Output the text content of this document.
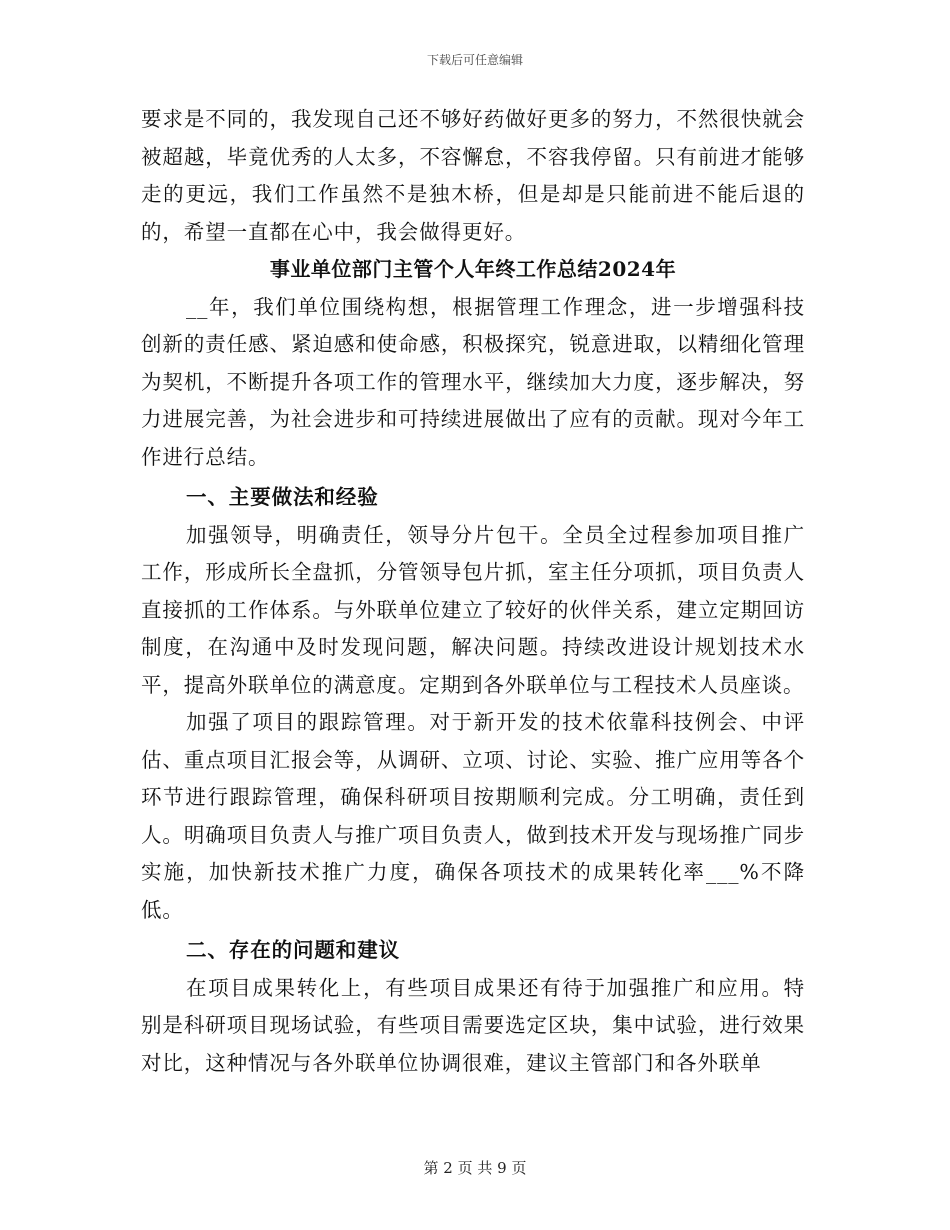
下载后可任意编辑

要求是不同的，我发现自己还不够好药做好更多的努力，不然很快就会被超越，毕竟优秀的人太多，不容懈怠，不容我停留。只有前进才能够走的更远，我们工作虽然不是独木桥，但是却是只能前进不能后退的的，希望一直都在心中，我会做得更好。

事业单位部门主管个人年终工作总结2024年

__年，我们单位围绕构想，根据管理工作理念，进一步增强科技创新的责任感、紧迫感和使命感，积极探究，锐意进取，以精细化管理为契机，不断提升各项工作的管理水平，继续加大力度，逐步解决，努力进展完善，为社会进步和可持续进展做出了应有的贡献。现对今年工作进行总结。

一、主要做法和经验

加强领导，明确责任，领导分片包干。全员全过程参加项目推广工作，形成所长全盘抓，分管领导包片抓，室主任分项抓，项目负责人直接抓的工作体系。与外联单位建立了较好的伙伴关系，建立定期回访制度，在沟通中及时发现问题，解决问题。持续改进设计规划技术水平，提高外联单位的满意度。定期到各外联单位与工程技术人员座谈。

加强了项目的跟踪管理。对于新开发的技术依靠科技例会、中评估、重点项目汇报会等，从调研、立项、讨论、实验、推广应用等各个环节进行跟踪管理，确保科研项目按期顺利完成。分工明确，责任到人。明确项目负责人与推广项目负责人，做到技术开发与现场推广同步实施，加快新技术推广力度，确保各项技术的成果转化率___%不降低。

二、存在的问题和建议

在项目成果转化上，有些项目成果还有待于加强推广和应用。特别是科研项目现场试验，有些项目需要选定区块，集中试验，进行效果对比，这种情况与各外联单位协调很难，建议主管部门和各外联单

第 2 页 共 9 页
